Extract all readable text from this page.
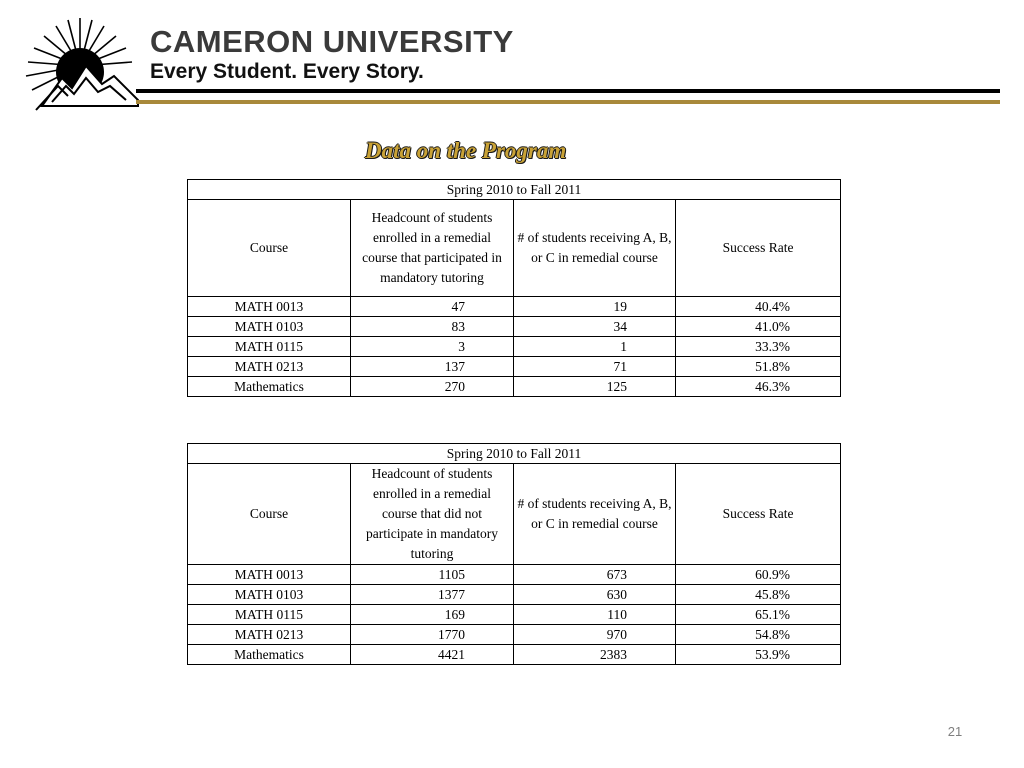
CAMERON UNIVERSITY
Every Student. Every Story.
Data on the Program
Spring 2010 to Fall 2011			
Course	Headcount of students enrolled in a remedial course that participated in mandatory tutoring	# of students receiving A, B, or C in remedial course	Success Rate
MATH 0013	47	19	40.4%
MATH 0103	83	34	41.0%
MATH 0115	3	1	33.3%
MATH 0213	137	71	51.8%
Mathematics	270	125	46.3%
Spring 2010 to Fall 2011			
Course	Headcount of students enrolled in a remedial course that did not participate in mandatory tutoring	# of students receiving A, B, or C in remedial course	Success Rate
MATH 0013	1105	673	60.9%
MATH 0103	1377	630	45.8%
MATH 0115	169	110	65.1%
MATH 0213	1770	970	54.8%
Mathematics	4421	2383	53.9%
21
